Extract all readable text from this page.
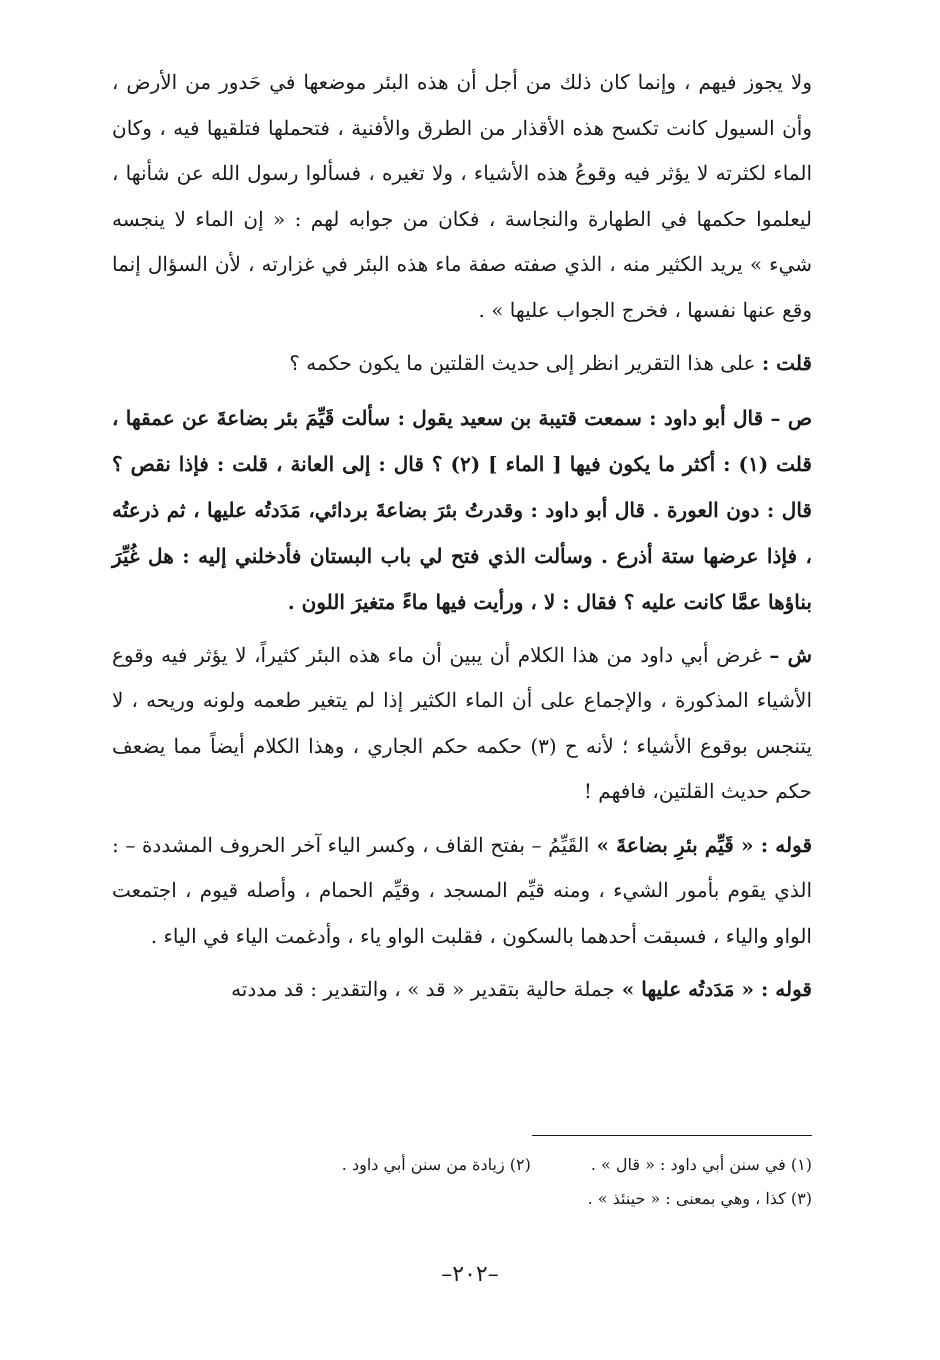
ولا يجوز فيهم ، وإنما كان ذلك من أجل أن هذه البئر موضعها في حَدور من الأرض ، وأن السيول كانت تكسح هذه الأقذار من الطرق والأفنية ، فتحملها فتلقيها فيه ، وكان الماء لكثرته لا يؤثر فيه وقوعُ هذه الأشياء ، ولا تغيره ، فسألوا رسول الله عن شأنها ، ليعلموا حكمها في الطهارة والنجاسة ، فكان من جوابه لهم : « إن الماء لا ينجسه شيء » يريد الكثير منه ، الذي صفته صفة ماء هذه البئر في غزارته ، لأن السؤال إنما وقع عنها نفسها ، فخرج الجواب عليها » .

قلت : على هذا التقرير انظر إلى حديث القلتين ما يكون حكمه ؟

ص – قال أبو داود : سمعت قتيبة بن سعيد يقول : سألت قَيِّمَ بئر بضاعةَ عن عمقها ، قلت (١) : أكثر ما يكون فيها [ الماء ] (٢) ؟ قال : إلى العانة ، قلت : فإذا نقص ؟ قال : دون العورة . قال أبو داود : وقدرتُ بئرَ بضاعةَ بردائي، مَدَدتُه عليها ، ثم ذرعتُه ، فإذا عرضها ستة أذرع . وسألت الذي فتح لي باب البستان فأدخلني إليه : هل غُيِّرَ بناؤها عمَّا كانت عليه ؟ فقال : لا ، ورأيت فيها ماءً متغيرَ اللون .

ش – غرض أبي داود من هذا الكلام أن يبين أن ماء هذه البئر كثيراً، لا يؤثر فيه وقوع الأشياء المذكورة ، والإجماع على أن الماء الكثير إذا لم يتغير طعمه ولونه وريحه ، لا يتنجس بوقوع الأشياء ؛ لأنه ح (٣) حكمه حكم الجاري ، وهذا الكلام أيضاً مما يضعف حكم حديث القلتين، فافهم !

قوله : « قَيِّم بئرِ بضاعةَ » القَيِّمُ – بفتح القاف ، وكسر الياء آخر الحروف المشددة – : الذي يقوم بأمور الشيء ، ومنه قيِّم المسجد ، وقيِّم الحمام ، وأصله قيوم ، اجتمعت الواو والياء ، فسبقت أحدهما بالسكون ، فقلبت الواو ياء ، وأدغمت الياء في الياء .

قوله : « مَدَدتُه عليها » جملة حالية بتقدير « قد » ، والتقدير : قد مددته

(١) في سنن أبي داود : « قال » .
(٢) زيادة من سنن أبي داود .
(٣) كذا ، وهي بمعنى : « حينئذ » .
–٢٠٢–
